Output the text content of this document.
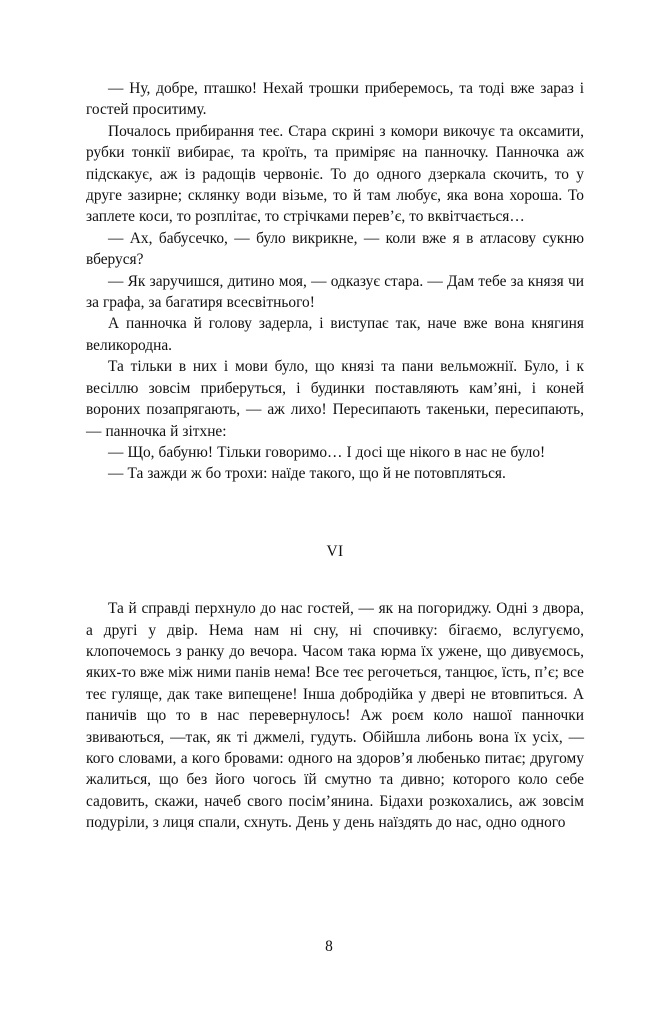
— Ну, добре, пташко! Нехай трошки приберемось, та тоді вже зараз і гостей проситиму.

Почалось прибирання теє. Стара скрині з комори викочує та оксамити, рубки тонкії вибирає, та кроїть, та приміряє на панночку. Панночка аж підскакує, аж із радощів червоніє. То до одного дзеркала скочить, то у друге зазирне; склянку води візьме, то й там любує, яка вона хороша. То заплете коси, то розплітає, то стрічками перев’є, то вквітчається…

— Ах, бабусечко, — було викрикне, — коли вже я в атласову сукню вберуся?

— Як заручишся, дитино моя, — одказує стара. — Дам тебе за князя чи за графа, за багатиря всесвітнього!

А панночка й голову задерла, і виступає так, наче вже вона княгиня великородна.

Та тільки в них і мови було, що князі та пани вельможнії. Було, і к весіллю зовсім приберуться, і будинки поставляють кам’яні, і коней вороних позапрягають, — аж лихо! Пересипають такеньки, пересипають, — панночка й зітхне:

— Що, бабуню! Тільки говоримо… І досі ще нікого в нас не було!

— Та зажди ж бо трохи: наїде такого, що й не потовпляться.

VI

Та й справді перхнуло до нас гостей, — як на погориджу. Одні з двора, а другі у двір. Нема нам ні сну, ні спочивку: бігаємо, вслугуємо, клопочемось з ранку до вечора. Часом така юрма їх ужене, що дивуємось, яких-то вже між ними панів нема! Все теє регочеться, танцює, їсть, п’є; все теє гуляще, дак таке випещене! Інша добродійка у двері не втовпиться. А паничів що то в нас перевернулось! Аж роєм коло нашої панночки звиваються, —так, як ті джмелі, гудуть. Обійшла либонь вона їх усіх, — кого словами, а кого бровами: одного на здоров’я любенько питає; другому жалиться, що без його чогось їй смутно та дивно; которого коло себе садовить, скажи, начеб свого посім’янина. Бідахи розкохались, аж зовсім подуріли, з лиця спали, схнуть. День у день наїздять до нас, одно одного

8
